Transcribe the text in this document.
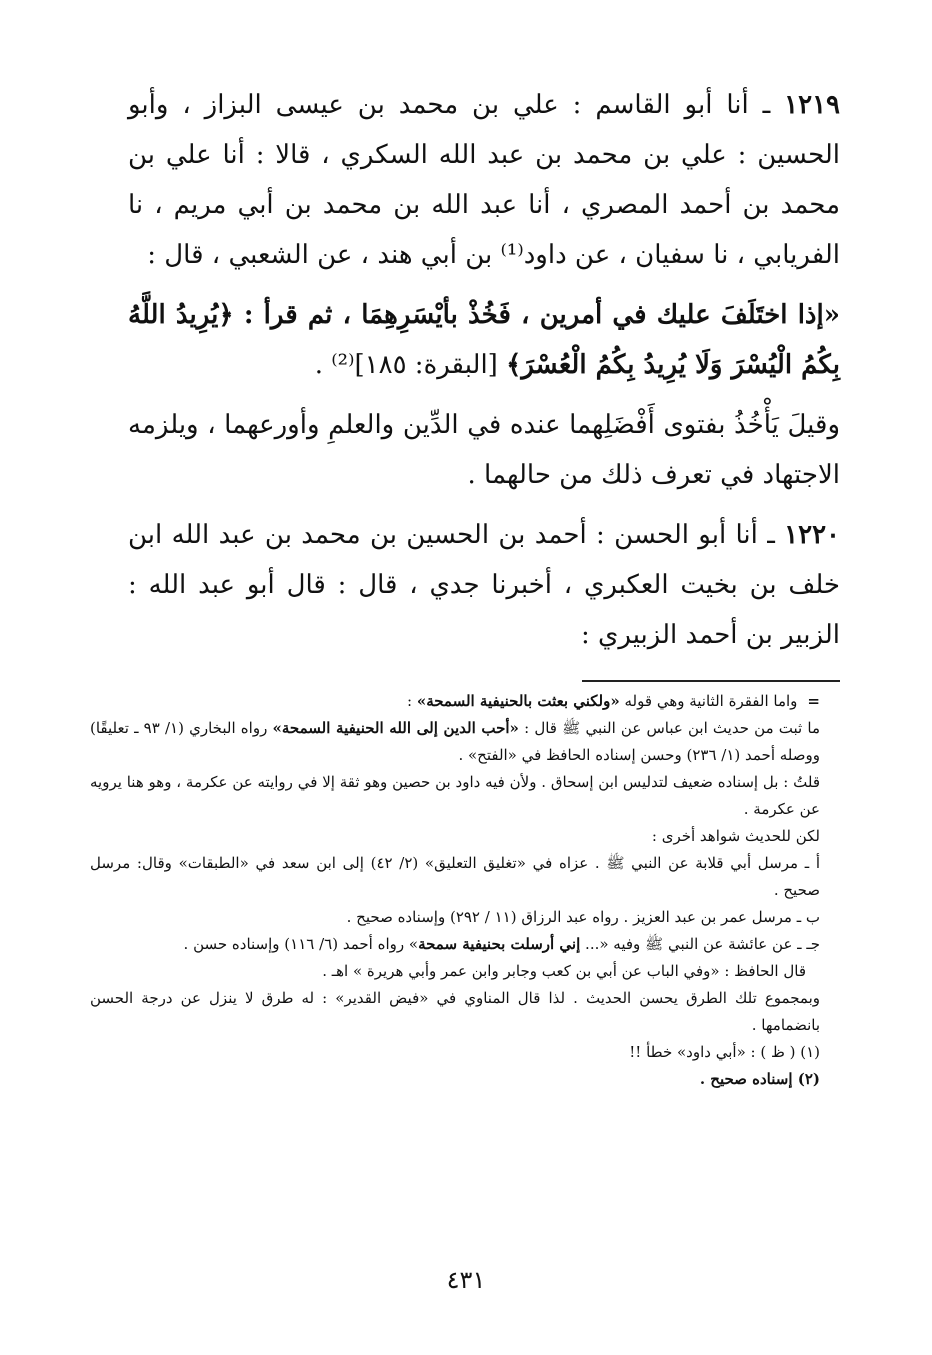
١٢١٩ ـ أنا أبو القاسم : علي بن محمد بن عيسى البزاز ، وأبو الحسين : علي بن محمد بن عبد الله السكري ، قالا : أنا علي بن محمد بن أحمد المصري ، أنا عبد الله بن محمد بن أبي مريم ، نا الفريابي ، نا سفيان ، عن داود⁽¹⁾ بن أبي هند ، عن الشعبي ، قال :

«إذا اختَلَفَ عليك في أمرين ، فَخُذْ بأيْسَرِهِمَا ، ثم قرأ : ﴿يُرِيدُ اللَّهُ بِكُمُ الْيُسْرَ وَلَا يُرِيدُ بِكُمُ الْعُسْرَ﴾ [البقرة: ١٨٥]⁽²⁾ .

وقيلَ يَأْخُذُ بفتوى أَفْضَلِهما عنده في الدِّين والعلمِ وأورعهما ، ويلزمه الاجتهاد في تعرف ذلك من حالهما .

١٢٢٠ ـ أنا أبو الحسن : أحمد بن الحسين بن محمد بن عبد الله ابن خلف بن بخيت العكبري ، أخبرنا جدي ، قال : قال أبو عبد الله : الزبير بن أحمد الزبيري :

=واما الفقرة الثانية وهي قوله «ولكني بعثت بالحنيفية السمحة» :

ما ثبت من حديث ابن عباس عن النبي ﷺ قال : «أحب الدين إلى الله الحنيفية السمحة» رواه البخاري (١/ ٩٣ ـ تعليقًا) ووصله أحمد (١/ ٢٣٦) وحسن إسناده الحافظ في «الفتح» .

قلتُ : بل إسناده ضعيف لتدليس ابن إسحاق . ولأن فيه داود بن حصين وهو ثقة إلا في روايته عن عكرمة ، وهو هنا يرويه عن عكرمة .

لكن للحديث شواهد أخرى :

أ ـ مرسل أبي قلابة عن النبي ﷺ . عزاه في «تغليق التعليق» (٢/ ٤٢) إلى ابن سعد في «الطبقات» وقال: مرسل صحيح .

ب ـ مرسل عمر بن عبد العزيز . رواه عبد الرزاق (١١ / ٢٩٢) وإسناده صحيح .

جـ ـ عن عائشة عن النبي ﷺ وفيه «... إني أرسلت بحنيفية سمحة» رواه أحمد (٦/ ١١٦) وإسناده حسن .

قال الحافظ : «وفي الباب عن أبي بن كعب وجابر وابن عمر وأبي هريرة » اهـ .

وبمجموع تلك الطرق يحسن الحديث . لذا قال المناوي في «فيض القدير» : له طرق لا ينزل عن درجة الحسن بانضمامها .

(١) ( ظ ) : «أبي داود» خطأ !!

(٢) إسناده صحيح .

٤٣١
